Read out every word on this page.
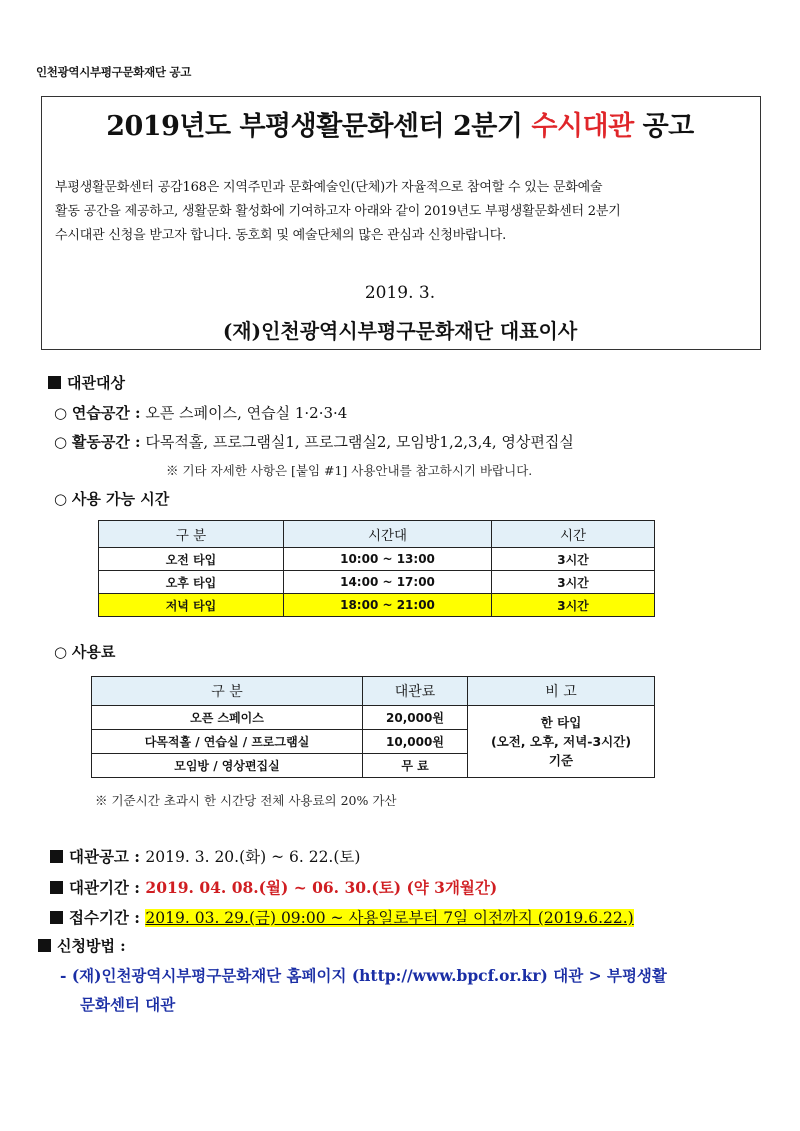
인천광역시부평구문화재단 공고
2019년도 부평생활문화센터 2분기 수시대관 공고
부평생활문화센터 공감168은 지역주민과 문화예술인(단체)가 자율적으로 참여할 수 있는 문화예술
활동 공간을 제공하고, 생활문화 활성화에 기여하고자 아래와 같이 2019년도 부평생활문화센터 2분기
수시대관 신청을 받고자 합니다. 동호회 및 예술단체의 많은 관심과 신청바랍니다.
2019. 3.
(재)인천광역시부평구문화재단 대표이사
대관대상
○ 연습공간 : 오픈 스페이스, 연습실 1·2·3·4
○ 활동공간 : 다목적홀, 프로그램실1, 프로그램실2, 모임방1,2,3,4, 영상편집실
※ 기타 자세한 사항은 [붙임 #1] 사용안내를 참고하시기 바랍니다.
○ 사용 가능 시간
구 분	시간대	시간
오전 타입	10:00 ~ 13:00	3시간
오후 타입	14:00 ~ 17:00	3시간
저녁 타입	18:00 ~ 21:00	3시간
○ 사용료
구 분	대관료	비 고
오픈 스페이스	20,000원	한 타입
(오전, 오후, 저녁-3시간)
기준

다목적홀 / 연습실 / 프로그램실	10,000원	
모임방 / 영상편집실	무 료	
※ 기준시간 초과시 한 시간당 전체 사용료의 20% 가산
대관공고 : 2019. 3. 20.(화) ~ 6. 22.(토)
대관기간 : 2019. 04. 08.(월) ~ 06. 30.(토) (약 3개월간)
접수기간 : 2019. 03. 29.(금) 09:00 ~ 사용일로부터 7일 이전까지 (2019.6.22.)
신청방법 :
- (재)인천광역시부평구문화재단 홈페이지 (http://www.bpcf.or.kr) 대관 > 부평생활
문화센터 대관
